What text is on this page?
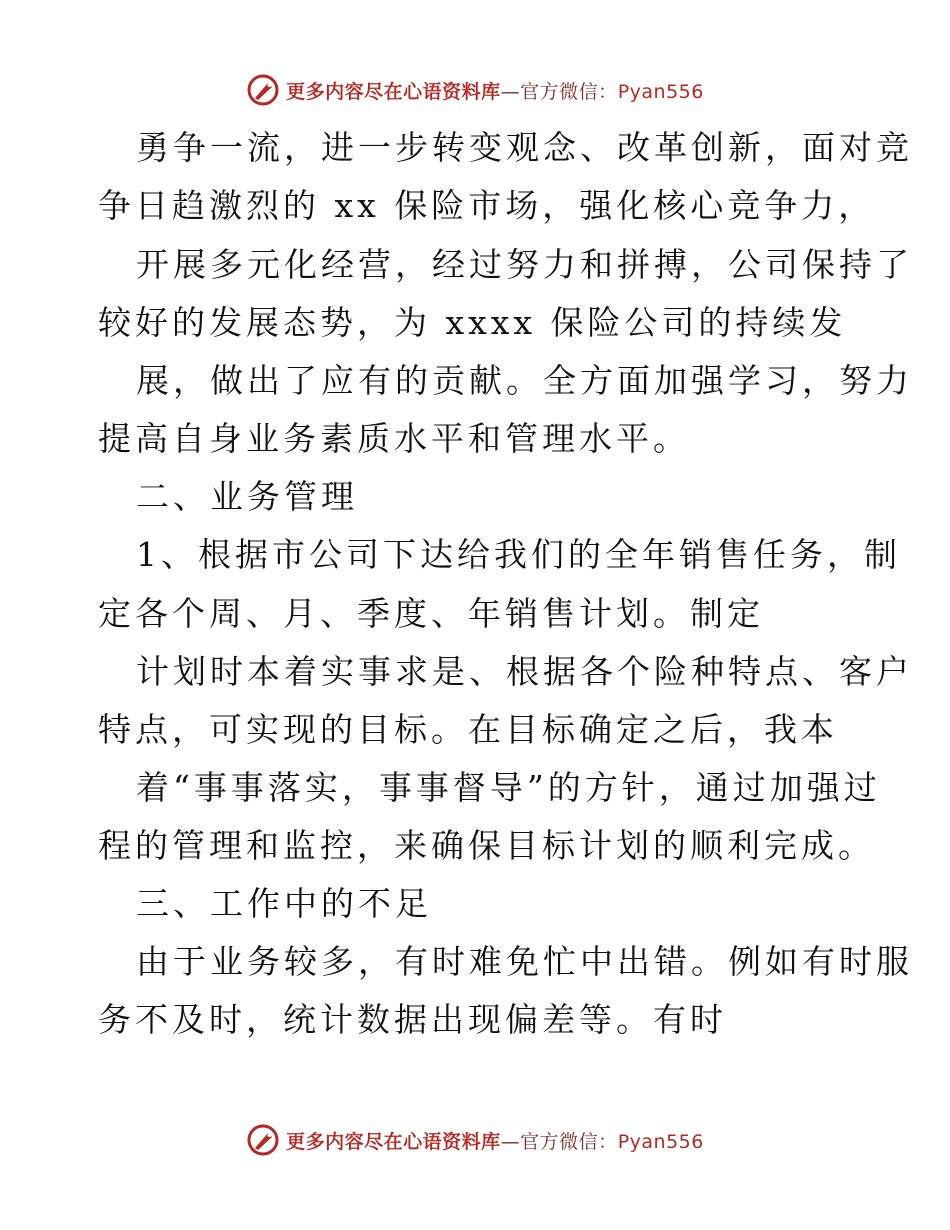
更多内容尽在心语资料库—官方微信：Pyan556
勇争一流，进一步转变观念、改革创新，面对竞
争日趋激烈的 xx 保险市场，强化核心竞争力，
开展多元化经营，经过努力和拼搏，公司保持了
较好的发展态势，为 xxxx 保险公司的持续发
展，做出了应有的贡献。全方面加强学习，努力
提高自身业务素质水平和管理水平。
二、业务管理
1、根据市公司下达给我们的全年销售任务，制
定各个周、月、季度、年销售计划。制定
计划时本着实事求是、根据各个险种特点、客户
特点，可实现的目标。在目标确定之后，我本
着“事事落实，事事督导”的方针，通过加强过
程的管理和监控，来确保目标计划的顺利完成。
三、工作中的不足
由于业务较多，有时难免忙中出错。例如有时服
务不及时，统计数据出现偏差等。有时
更多内容尽在心语资料库—官方微信：Pyan556
